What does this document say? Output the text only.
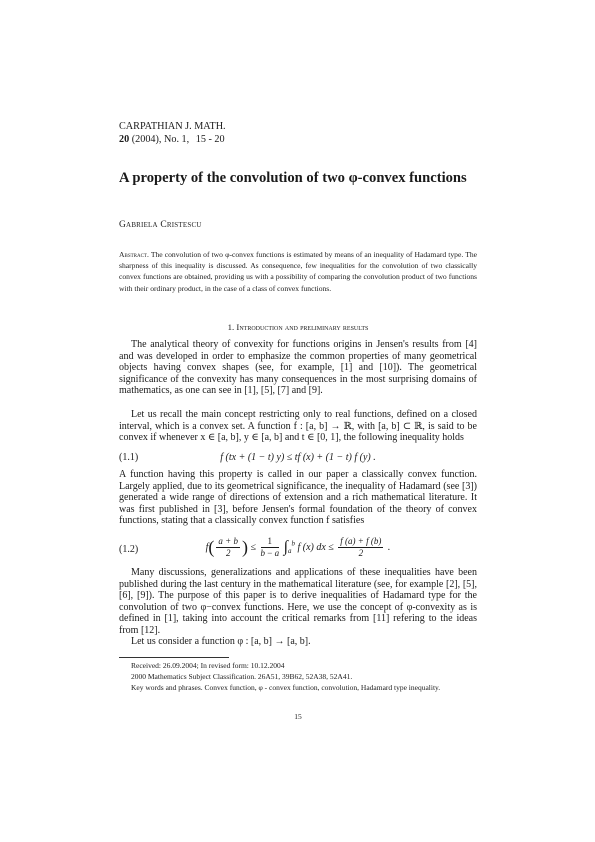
CARPATHIAN J. MATH.
20 (2004), No. 1, 15 - 20
A property of the convolution of two φ-convex functions
Gabriela Cristescu
Abstract. The convolution of two φ-convex functions is estimated by means of an inequality of Hadamard type. The sharpness of this inequality is discussed. As consequence, few inequalities for the convolution of two classically convex functions are obtained, providing us with a possibility of comparing the convolution product of two functions with their ordinary product, in the case of a class of convex functions.
1. Introduction and preliminary results

The analytical theory of convexity for functions origins in Jensen's results from [4] and was developed in order to emphasize the common properties of many geometrical objects having convex shapes (see, for example, [1] and [10]). The geometrical significance of the convexity has many consequences in the most surprising domains of mathematics, as one can see in [1], [5], [7] and [9].

Let us recall the main concept restricting only to real functions, defined on a closed interval, which is a convex set. A function f : [a, b] → ℝ, with [a, b] ⊂ ℝ, is said to be convex if whenever x ∈ [a, b], y ∈ [a, b] and t ∈ [0, 1], the following inequality holds

(1.1)	f (tx + (1 − t) y) ≤ tf (x) + (1 − t) f (y) .

A function having this property is called in our paper a classically convex function. Largely applied, due to its geometrical significance, the inequality of Hadamard (see [3]) generated a wide range of directions of extension and a rich mathematical literature. It was first published in [3], before Jensen's formal foundation of the theory of convex functions, stating that a classically convex function f satisfies

(1.2)	$f( \frac{a + b}{2}$ ) ≤ $\frac{1}{b - a} \int_a^b$ f (x) dx ≤ $\frac{f (a) + f (b)}{2}$ .

Many discussions, generalizations and applications of these inequalities have been published during the last century in the mathematical literature (see, for example [2], [5], [6], [9]). The purpose of this paper is to derive inequalities of Hadamard type for the convolution of two φ−convex functions. Here, we use the concept of φ-convexity as is defined in [1], taking into account the critical remarks from [11] refering to the ideas from [12].

Let us consider a function φ : [a, b] → [a, b].

Received: 26.09.2004; In revised form: 10.12.2004
2000 Mathematics Subject Classification. 26A51, 39B62, 52A38, 52A41.
Key words and phrases. Convex function, φ - convex function, convolution, Hadamard type inequality.
15
